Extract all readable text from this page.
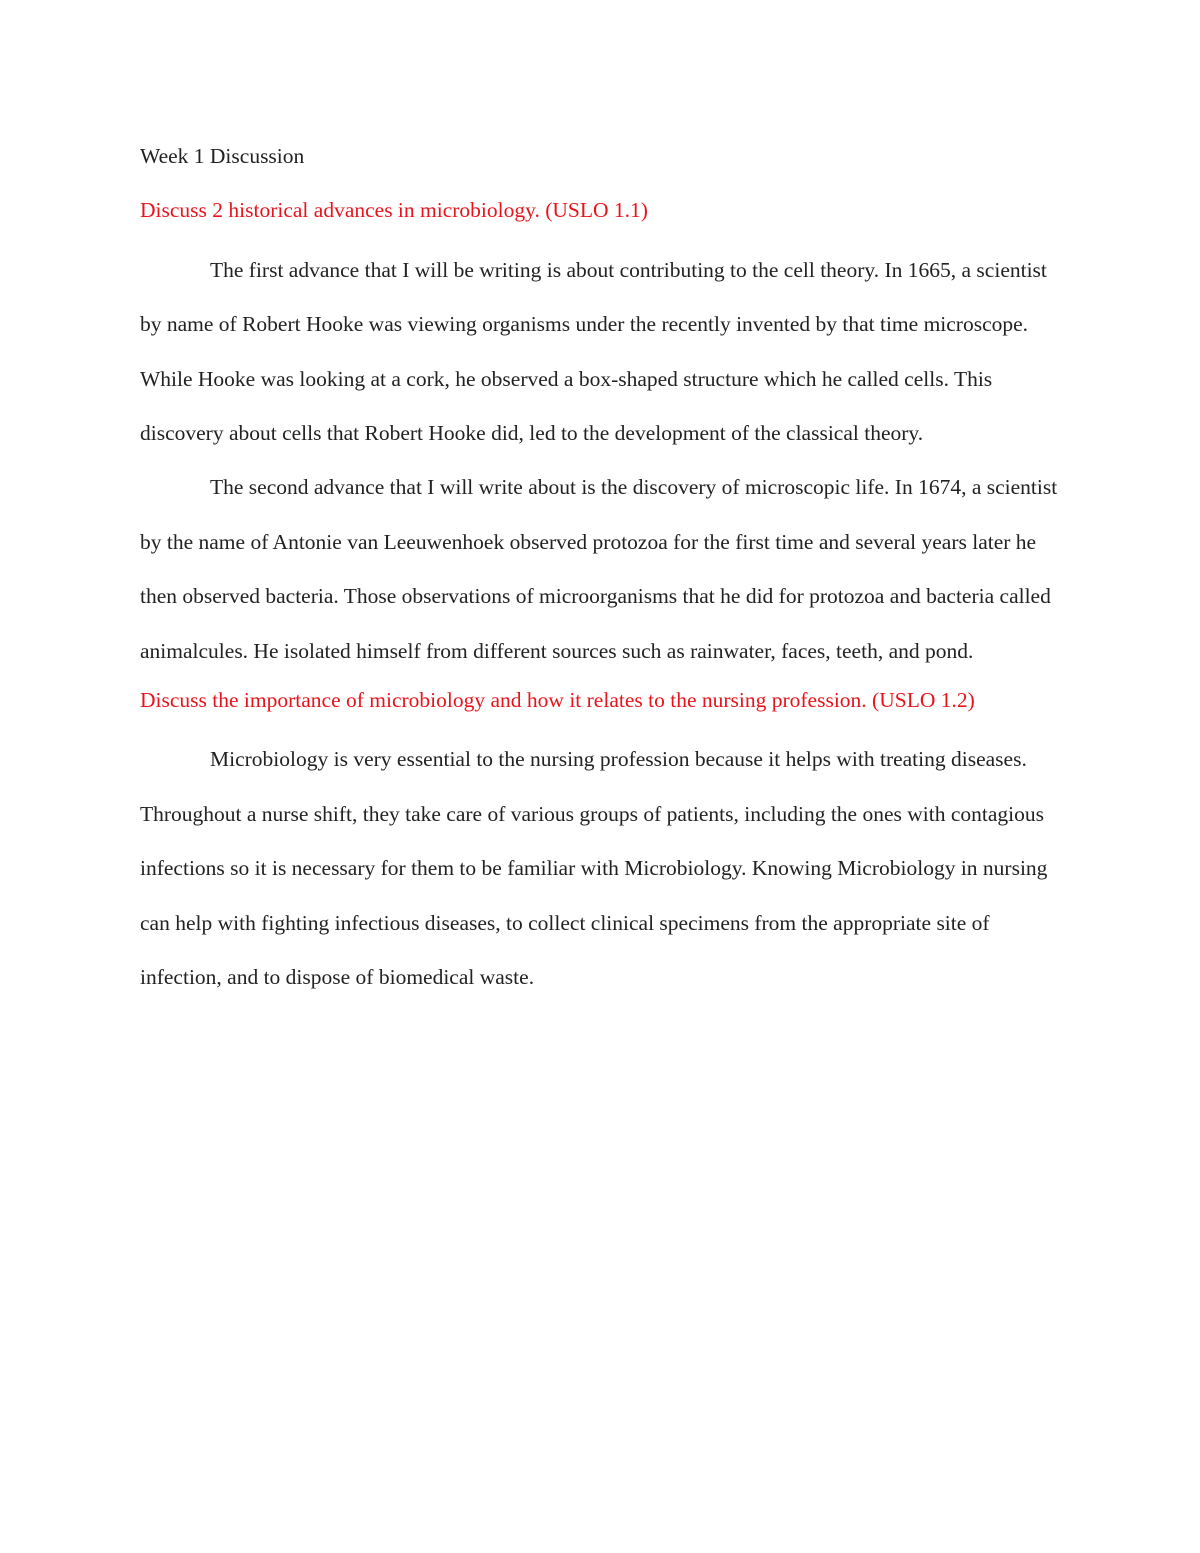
Week 1 Discussion
Discuss 2 historical advances in microbiology. (USLO 1.1)

The first advance that I will be writing is about contributing to the cell theory. In 1665, a scientist by name of Robert Hooke was viewing organisms under the recently invented by that time microscope. While Hooke was looking at a cork, he observed a box-shaped structure which he called cells. This discovery about cells that Robert Hooke did, led to the development of the classical theory.

The second advance that I will write about is the discovery of microscopic life. In 1674, a scientist by the name of Antonie van Leeuwenhoek observed protozoa for the first time and several years later he then observed bacteria. Those observations of microorganisms that he did for protozoa and bacteria called animalcules. He isolated himself from different sources such as rainwater, faces, teeth, and pond.

Discuss the importance of microbiology and how it relates to the nursing profession. (USLO 1.2)

Microbiology is very essential to the nursing profession because it helps with treating diseases. Throughout a nurse shift, they take care of various groups of patients, including the ones with contagious infections so it is necessary for them to be familiar with Microbiology. Knowing Microbiology in nursing can help with fighting infectious diseases, to collect clinical specimens from the appropriate site of infection, and to dispose of biomedical waste.
